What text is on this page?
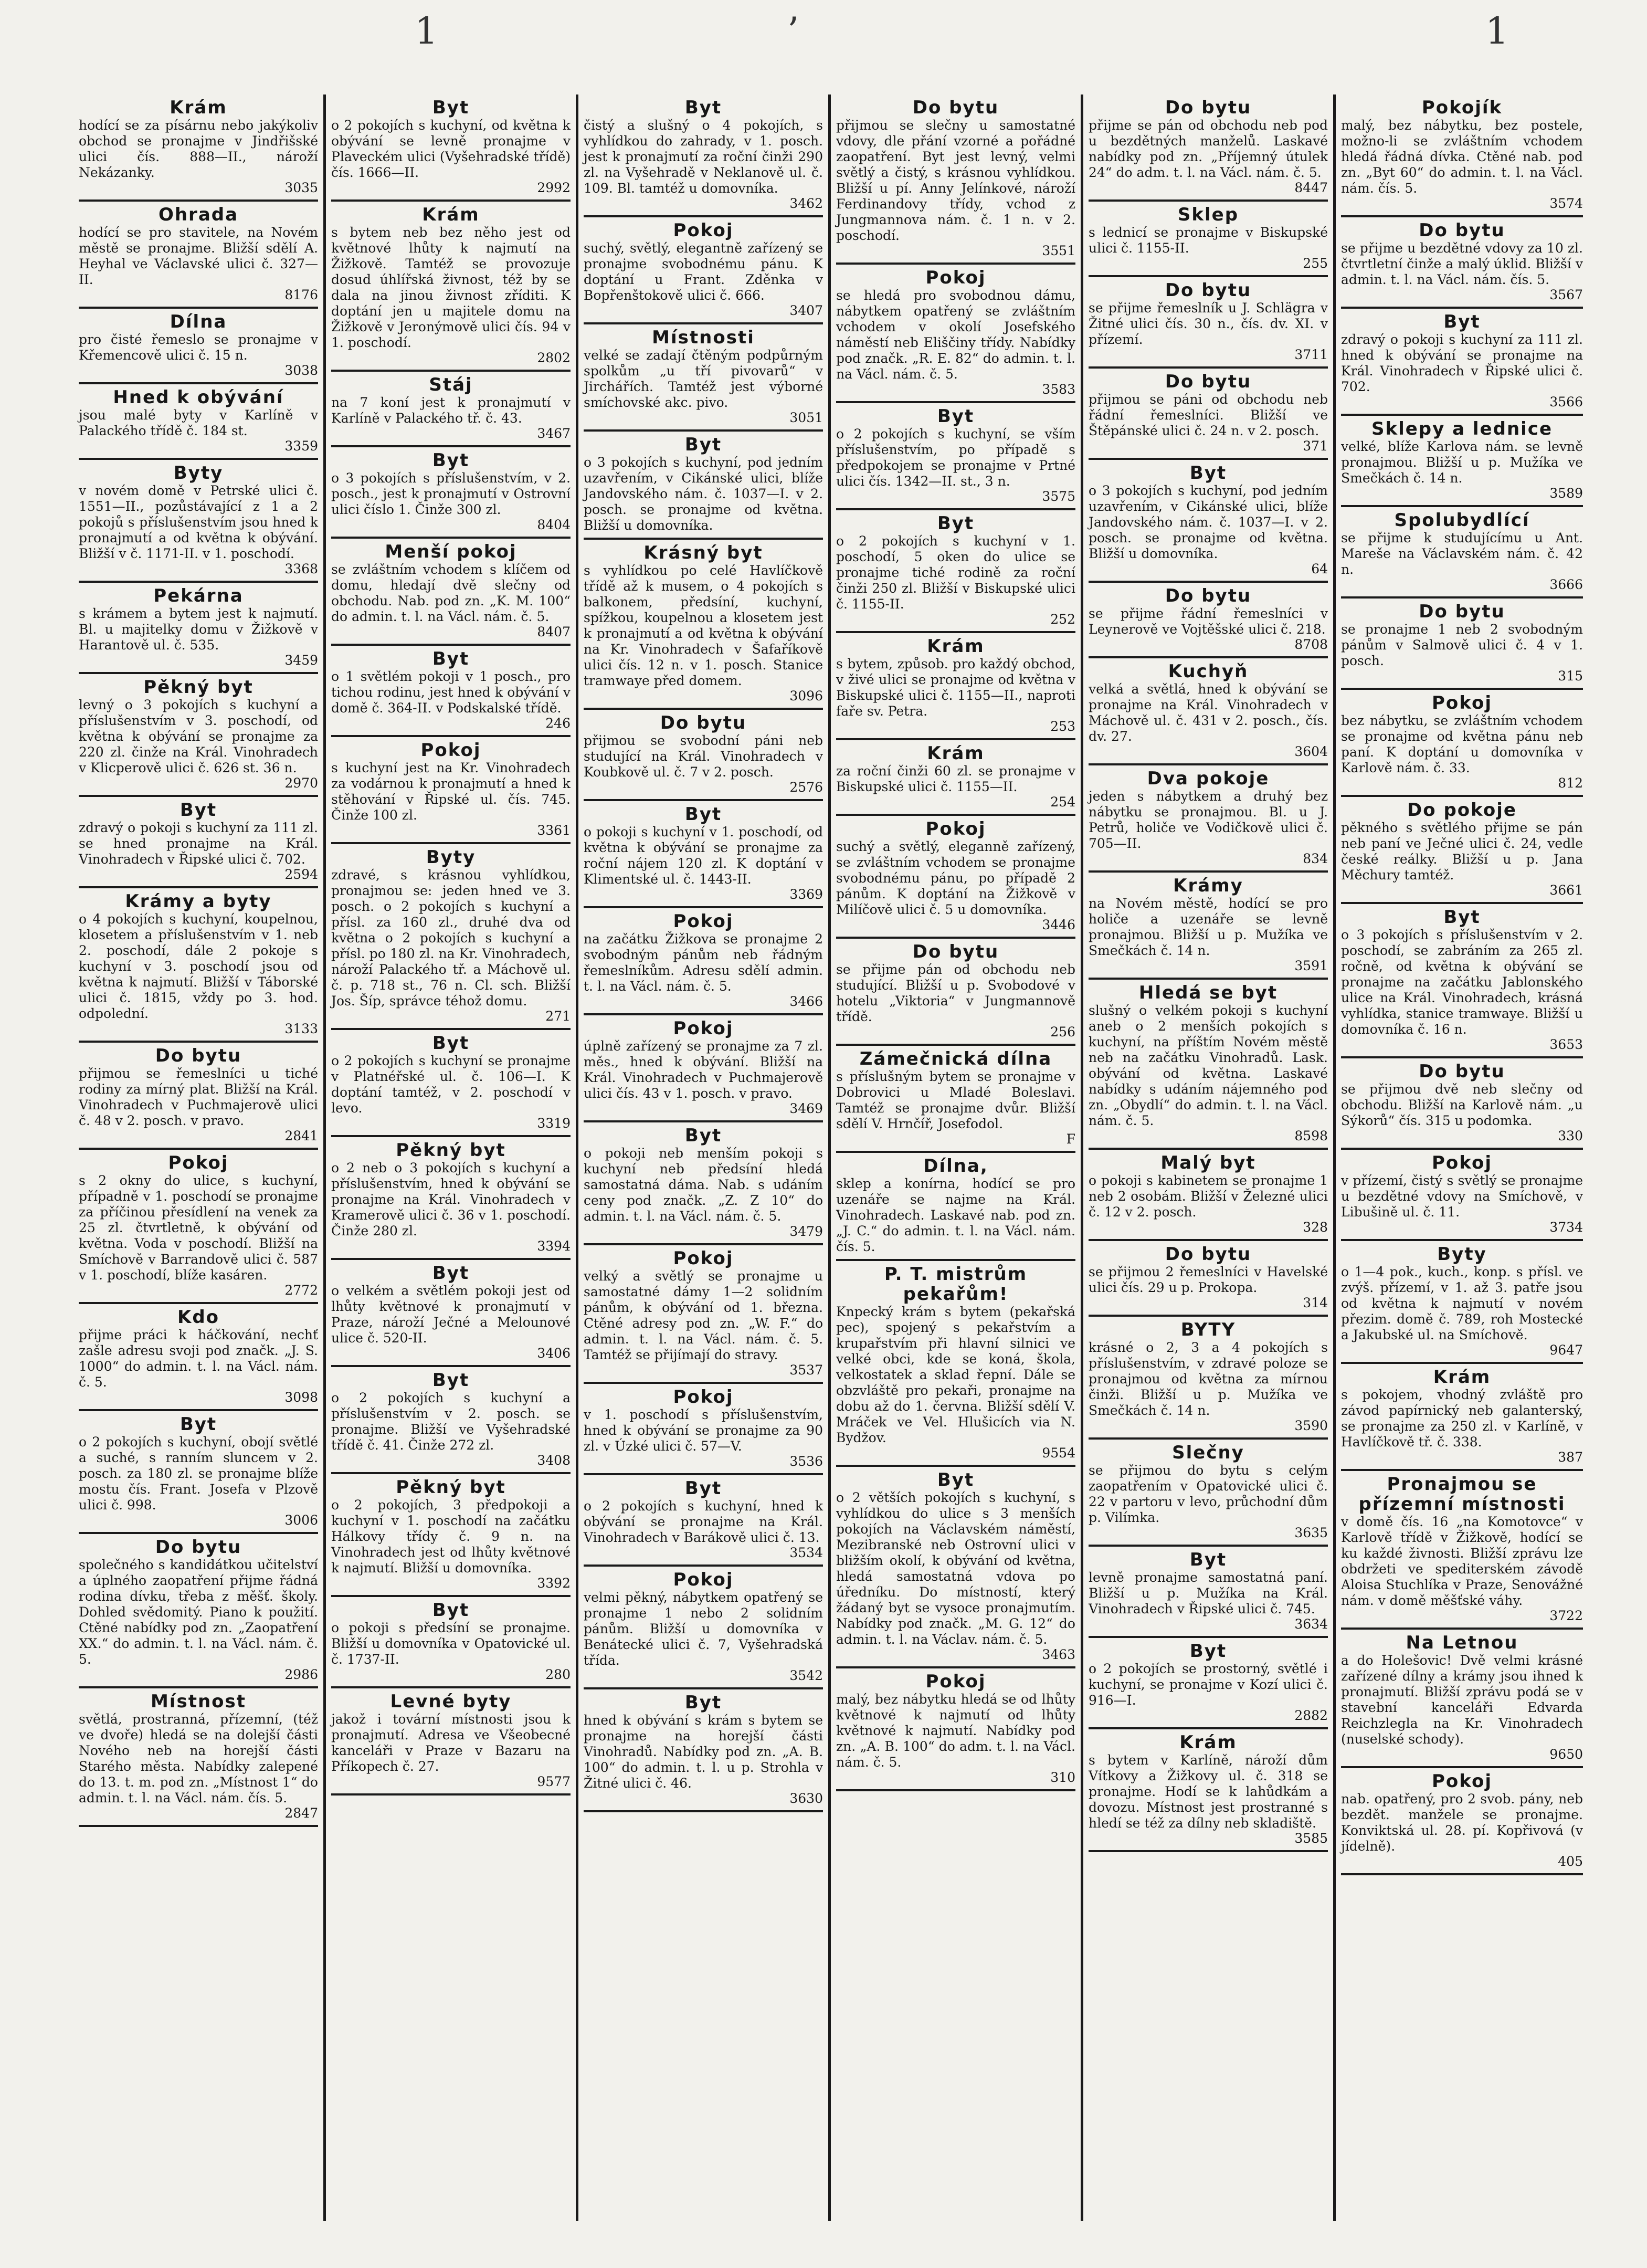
1	’	1
Krám
hodící se za písárnu nebo jakýkoliv obchod se pronajme v Jindřišské ulici čís. 888—II., nároží Nekázanky.
3035
Ohrada
hodící se pro stavitele, na Novém městě se pronajme. Bližší sdělí A. Heyhal ve Václavské ulici č. 327—II.
8176
Dílna
pro čisté řemeslo se pronajme v Křemencově ulici č. 15 n.
3038
Hned k obývání
jsou malé byty v Karlíně v Palackého třídě č. 184 st.
3359
Byty
v novém domě v Petrské ulici č. 1551—II., pozůstávající z 1 a 2 pokojů s příslušenstvím jsou hned k pronajmutí a od května k obývání. Bližší v č. 1171-II. v 1. poschodí.
3368
Pekárna
s krámem a bytem jest k najmutí. Bl. u majitelky domu v Žižkově v Harantově ul. č. 535.
3459
Pěkný byt
levný o 3 pokojích s kuchyní a příslušenstvím v 3. poschodí, od května k obývání se pronajme za 220 zl. činže na Král. Vinohradech v Klicperově ulici č. 626 st. 36 n.
2970
Byt
zdravý o pokoji s kuchyní za 111 zl. se hned pronajme na Král. Vinohradech v Řipské ulici č. 702.
2594
Krámy a byty
o 4 pokojích s kuchyní, koupelnou, klosetem a příslušenstvím v 1. neb 2. poschodí, dále 2 pokoje s kuchyní v 3. poschodí jsou od května k najmutí. Bližší v Táborské ulici č. 1815, vždy po 3. hod. odpolední.
3133
Do bytu
přijmou se řemeslníci u tiché rodiny za mírný plat. Bližší na Král. Vinohradech v Puchmajerově ulici č. 48 v 2. posch. v pravo.
2841
Pokoj
s 2 okny do ulice, s kuchyní, případně v 1. poschodí se pronajme za příčinou přesídlení na venek za 25 zl. čtvrtletně, k obývání od května. Voda v poschodí. Bližší na Smíchově v Barrandově ulici č. 587 v 1. poschodí, blíže kasáren.
2772
Kdo
přijme práci k háčkování, nechť zašle adresu svoji pod značk. „J. S. 1000“ do admin. t. l. na Václ. nám. č. 5.
3098
Byt
o 2 pokojích s kuchyní, obojí světlé a suché, s ranním sluncem v 2. posch. za 180 zl. se pronajme blíže mostu čís. Frant. Josefa v Plzově ulici č. 998.
3006
Do bytu
společného s kandidátkou učitelství a úplného zaopatření přijme řádná rodina dívku, třeba z měšť. školy. Dohled svědomitý. Piano k použití. Ctěné nabídky pod zn. „Zaopatření XX.“ do admin. t. l. na Václ. nám. č. 5.
2986
Místnost
světlá, prostranná, přízemní, (též ve dvoře) hledá se na dolejší části Nového neb na horejší části Starého města. Nabídky zalepené do 13. t. m. pod zn. „Místnost 1“ do admin. t. l. na Václ. nám. čís. 5.
2847
Byt
o 2 pokojích s kuchyní, od května k obývání se levně pronajme v Plaveckém ulici (Vyšehradské třídě) čís. 1666—II.
2992
Krám
s bytem neb bez něho jest od květnové lhůty k najmutí na Žižkově. Tamtéž se provozuje dosud úhlířská živnost, též by se dala na jinou živnost zříditi. K doptání jen u majitele domu na Žižkově v Jeronýmově ulici čís. 94 v 1. poschodí.
2802
Stáj
na 7 koní jest k pronajmutí v Karlíně v Palackého tř. č. 43.
3467
Byt
o 3 pokojích s příslušenstvím, v 2. posch., jest k pronajmutí v Ostrovní ulici číslo 1. Činže 300 zl.
8404
Menší pokoj
se zvláštním vchodem s klíčem od domu, hledají dvě slečny od obchodu. Nab. pod zn. „K. M. 100“ do admin. t. l. na Václ. nám. č. 5.
8407
Byt
o 1 světlém pokoji v 1 posch., pro tichou rodinu, jest hned k obývání v domě č. 364-II. v Podskalské třídě.
246
Pokoj
s kuchyní jest na Kr. Vinohradech za vodárnou k pronajmutí a hned k stěhování v Řipské ul. čís. 745. Činže 100 zl.
3361
Byty
zdravé, s krásnou vyhlídkou, pronajmou se: jeden hned ve 3. posch. o 2 pokojích s kuchyní a přísl. za 160 zl., druhé dva od května o 2 pokojích s kuchyní a přísl. po 180 zl. na Kr. Vinohradech, nároží Palackého tř. a Máchově ul. č. p. 718 st., 76 n. Cl. sch. Bližší Jos. Šíp, správce téhož domu.
271
Byt
o 2 pokojích s kuchyní se pronajme v Platnéřské ul. č. 106—I. K doptání tamtéž, v 2. poschodí v levo.
3319
Pěkný byt
o 2 neb o 3 pokojích s kuchyní a příslušenstvím, hned k obývání se pronajme na Král. Vinohradech v Kramerově ulici č. 36 v 1. poschodí. Činže 280 zl.
3394
Byt
o velkém a světlém pokoji jest od lhůty květnové k pronajmutí v Praze, nároží Ječné a Melounové ulice č. 520-II.
3406
Byt
o 2 pokojích s kuchyní a příslušenstvím v 2. posch. se pronajme. Bližší ve Vyšehradské třídě č. 41. Činže 272 zl.
3408
Pěkný byt
o 2 pokojích, 3 předpokoji a kuchyní v 1. poschodí na začátku Hálkovy třídy č. 9 n. na Vinohradech jest od lhůty květnové k najmutí. Bližší u domovníka.
3392
Byt
o pokoji s předsíní se pronajme. Bližší u domovníka v Opatovické ul. č. 1737-II.
280
Levné byty
jakož i tovární místnosti jsou k pronajmutí. Adresa ve Všeobecné kanceláři v Praze v Bazaru na Příkopech č. 27.
9577
Byt
čistý a slušný o 4 pokojích, s vyhlídkou do zahrady, v 1. posch. jest k pronajmutí za roční činži 290 zl. na Vyšehradě v Neklanově ul. č. 109. Bl. tamtéž u domovníka.
3462
Pokoj
suchý, světlý, elegantně zařízený se pronajme svobodnému pánu. K doptání u Frant. Zděnka v Bopřenštokově ulici č. 666.
3407
Místnosti
velké se zadají čtěným podpůrným spolkům „u tří pivovarů“ v Jirchářích. Tamtéž jest výborné smíchovské akc. pivo.
3051
Byt
o 3 pokojích s kuchyní, pod jedním uzavřením, v Cikánské ulici, blíže Jandovského nám. č. 1037—I. v 2. posch. se pronajme od května. Bližší u domovníka.
Krásný byt
s vyhlídkou po celé Havlíčkově třídě až k musem, o 4 pokojích s balkonem, předsíní, kuchyní, spížkou, koupelnou a klosetem jest k pronajmutí a od května k obývání na Kr. Vinohradech v Šafaříkově ulici čís. 12 n. v 1. posch. Stanice tramwaye před domem.
3096
Do bytu
přijmou se svobodní páni neb studující na Král. Vinohradech v Koubkově ul. č. 7 v 2. posch.
2576
Byt
o pokoji s kuchyní v 1. poschodí, od května k obývání se pronajme za roční nájem 120 zl. K doptání v Klimentské ul. č. 1443-II.
3369
Pokoj
na začátku Žižkova se pronajme 2 svobodným pánům neb řádným řemeslníkům. Adresu sdělí admin. t. l. na Václ. nám. č. 5.
3466
Pokoj
úplně zařízený se pronajme za 7 zl. měs., hned k obývání. Bližší na Král. Vinohradech v Puchmajerově ulici čís. 43 v 1. posch. v pravo.
3469
Byt
o pokoji neb menším pokoji s kuchyní neb předsíní hledá samostatná dáma. Nab. s udáním ceny pod značk. „Z. Z 10“ do admin. t. l. na Václ. nám. č. 5.
3479
Pokoj
velký a světlý se pronajme u samostatné dámy 1—2 solidním pánům, k obývání od 1. března. Ctěné adresy pod zn. „W. F.“ do admin. t. l. na Václ. nám. č. 5. Tamtéž se přijímají do stravy.
3537
Pokoj
v 1. poschodí s příslušenstvím, hned k obývání se pronajme za 90 zl. v Úzké ulici č. 57—V.
3536
Byt
o 2 pokojích s kuchyní, hned k obývání se pronajme na Král. Vinohradech v Barákově ulici č. 13.
3534
Pokoj
velmi pěkný, nábytkem opatřený se pronajme 1 nebo 2 solidním pánům. Bližší u domovníka v Benátecké ulici č. 7, Vyšehradská třída.
3542
Byt
hned k obývání s krám s bytem se pronajme na horejší části Vinohradů. Nabídky pod zn. „A. B. 100“ do admin. t. l. u p. Strohla v Žitné ulici č. 46.
3630
Do bytu
přijmou se slečny u samostatné vdovy, dle přání vzorné a pořádné zaopatření. Byt jest levný, velmi světlý a čistý, s krásnou vyhlídkou. Bližší u pí. Anny Jelínkové, nároží Ferdinandovy třídy, vchod z Jungmannova nám. č. 1 n. v 2. poschodí.
3551
Pokoj
se hledá pro svobodnou dámu, nábytkem opatřený se zvláštním vchodem v okolí Josefského náměstí neb Eliščiny třídy. Nabídky pod značk. „R. E. 82“ do admin. t. l. na Václ. nám. č. 5.
3583
Byt
o 2 pokojích s kuchyní, se vším příslušenstvím, po případě s předpokojem se pronajme v Prtné ulici čís. 1342—II. st., 3 n.
3575
Byt
o 2 pokojích s kuchyní v 1. poschodí, 5 oken do ulice se pronajme tiché rodině za roční činži 250 zl. Bližší v Biskupské ulici č. 1155-II.
252
Krám
s bytem, způsob. pro každý obchod, v živé ulici se pronajme od května v Biskupské ulici č. 1155—II., naproti faře sv. Petra.
253
Krám
za roční činži 60 zl. se pronajme v Biskupské ulici č. 1155—II.
254
Pokoj
suchý a světlý, eleganně zařízený, se zvláštním vchodem se pronajme svobodnému pánu, po případě 2 pánům. K doptání na Žižkově v Milíčově ulici č. 5 u domovníka.
3446
Do bytu
se přijme pán od obchodu neb studující. Bližší u p. Svobodové v hotelu „Viktoria“ v Jungmannově třídě.
256
Zámečnická dílna
s příslušným bytem se pronajme v Dobrovici u Mladé Boleslavi. Tamtéž se pronajme dvůr. Bližší sdělí V. Hrnčíř, Josefodol.
F
Dílna,
sklep a konírna, hodící se pro uzenáře se najme na Král. Vinohradech. Laskavé nab. pod zn. „J. C.“ do admin. t. l. na Václ. nám. čís. 5.
P. T. mistrům pekařům!
Knpecký krám s bytem (pekařská pec), spojený s pekařstvím a krupařstvím při hlavní silnici ve velké obci, kde se koná, škola, velkostatek a sklad řepní. Dále se obzvláště pro pekaři, pronajme na dobu až do 1. června. Bližší sdělí V. Mráček ve Vel. Hlušicích via N. Bydžov.
9554
Byt
o 2 větších pokojích s kuchyní, s vyhlídkou do ulice s 3 menších pokojích na Václavském náměstí, Mezibranské neb Ostrovní ulici v bližším okolí, k obývání od května, hledá samostatná vdova po úředníku. Do místností, který žádaný byt se vysoce pronajmutím. Nabídky pod značk. „M. G. 12“ do admin. t. l. na Václav. nám. č. 5.
3463
Pokoj
malý, bez nábytku hledá se od lhůty květnové k najmutí od lhůty květnové k najmutí. Nabídky pod zn. „A. B. 100“ do adm. t. l. na Václ. nám. č. 5.
310
Do bytu
přijme se pán od obchodu neb pod u bezdětných manželů. Laskavé nabídky pod zn. „Příjemný útulek 24“ do adm. t. l. na Václ. nám. č. 5.
8447
Sklep
s lednicí se pronajme v Biskupské ulici č. 1155-II.
255
Do bytu
se přijme řemeslník u J. Schlägra v Žitné ulici čís. 30 n., čís. dv. XI. v přízemí.
3711
Do bytu
přijmou se páni od obchodu neb řádní řemeslníci. Bližší ve Štěpánské ulici č. 24 n. v 2. posch.
371
Byt
o 3 pokojích s kuchyní, pod jedním uzavřením, v Cikánské ulici, blíže Jandovského nám. č. 1037—I. v 2. posch. se pronajme od května. Bližší u domovníka.
64
Do bytu
se přijme řádní řemeslníci v Leynerově ve Vojtěšské ulici č. 218.
8708
Kuchyň
velká a světlá, hned k obývání se pronajme na Král. Vinohradech v Máchově ul. č. 431 v 2. posch., čís. dv. 27.
3604
Dva pokoje
jeden s nábytkem a druhý bez nábytku se pronajmou. Bl. u J. Petrů, holiče ve Vodičkově ulici č. 705—II.
834
Krámy
na Novém městě, hodící se pro holiče a uzenáře se levně pronajmou. Bližší u p. Mužíka ve Smečkách č. 14 n.
3591
Hledá se byt
slušný o velkém pokoji s kuchyní aneb o 2 menších pokojích s kuchyní, na příštím Novém městě neb na začátku Vinohradů. Lask. obývání od května. Laskavé nabídky s udáním nájemného pod zn. „Obydlí“ do admin. t. l. na Václ. nám. č. 5.
8598
Malý byt
o pokoji s kabinetem se pronajme 1 neb 2 osobám. Bližší v Železné ulici č. 12 v 2. posch.
328
Do bytu
se přijmou 2 řemeslníci v Havelské ulici čís. 29 u p. Prokopa.
314
BYTY
krásné o 2, 3 a 4 pokojích s příslušenstvím, v zdravé poloze se pronajmou od května za mírnou činži. Bližší u p. Mužíka ve Smečkách č. 14 n.
3590
Slečny
se přijmou do bytu s celým zaopatřením v Opatovické ulici č. 22 v partoru v levo, průchodní dům p. Vilímka.
3635
Byt
levně pronajme samostatná paní. Bližší u p. Mužíka na Král. Vinohradech v Řipské ulici č. 745.
3634
Byt
o 2 pokojích se prostorný, světlé i kuchyní, se pronajme v Kozí ulici č. 916—I.
2882
Krám
s bytem v Karlíně, nároží dům Vítkovy a Žižkovy ul. č. 318 se pronajme. Hodí se k lahůdkám a dovozu. Místnost jest prostranné s hledí se též za dílny neb skladiště.
3585
Pokojík
malý, bez nábytku, bez postele, možno-li se zvláštním vchodem hledá řádná dívka. Ctěné nab. pod zn. „Byt 60“ do admin. t. l. na Václ. nám. čís. 5.
3574
Do bytu
se přijme u bezdětné vdovy za 10 zl. čtvrtletní činže a malý úklid. Bližší v admin. t. l. na Václ. nám. čís. 5.
3567
Byt
zdravý o pokoji s kuchyní za 111 zl. hned k obývání se pronajme na Král. Vinohradech v Řipské ulici č. 702.
3566
Sklepy a lednice
velké, blíže Karlova nám. se levně pronajmou. Bližší u p. Mužíka ve Smečkách č. 14 n.
3589
Spolubydlící
se přijme k studujícímu u Ant. Mareše na Václavském nám. č. 42 n.
3666
Do bytu
se pronajme 1 neb 2 svobodným pánům v Salmově ulici č. 4 v 1. posch.
315
Pokoj
bez nábytku, se zvláštním vchodem se pronajme od května pánu neb paní. K doptání u domovníka v Karlově nám. č. 33.
812
Do pokoje
pěkného s světlého přijme se pán neb paní ve Ječné ulici č. 24, vedle české reálky. Bližší u p. Jana Měchury tamtéž.
3661
Byt
o 3 pokojích s příslušenstvím v 2. poschodí, se zabráním za 265 zl. ročně, od května k obývání se pronajme na začátku Jablonského ulice na Král. Vinohradech, krásná vyhlídka, stanice tramwaye. Bližší u domovníka č. 16 n.
3653
Do bytu
se přijmou dvě neb slečny od obchodu. Bližší na Karlově nám. „u Sýkorů“ čís. 315 u podomka.
330
Pokoj
v přízemí, čistý s světlý se pronajme u bezdětné vdovy na Smíchově, v Libušině ul. č. 11.
3734
Byty
o 1—4 pok., kuch., konp. s přísl. ve zvýš. přízemí, v 1. až 3. patře jsou od května k najmutí v novém přezim. domě č. 789, roh Mostecké a Jakubské ul. na Smíchově.
9647
Krám
s pokojem, vhodný zvláště pro závod papírnický neb galanterský, se pronajme za 250 zl. v Karlíně, v Havlíčkově tř. č. 338.
387
Pronajmou se přízemní místnosti
v domě čís. 16 „na Komotovce“ v Karlově třídě v Žižkově, hodící se ku každé živnosti. Bližší zprávu lze obdržeti ve spediterském závodě Aloisa Stuchlíka v Praze, Senovážné nám. v domě měšťské váhy.
3722
Na Letnou
a do Holešovic! Dvě velmi krásné zařízené dílny a krámy jsou ihned k pronajmutí. Bližší zprávu podá se v stavební kanceláři Edvarda Reichzlegla na Kr. Vinohradech (nuselské schody).
9650
Pokoj
nab. opatřený, pro 2 svob. pány, neb bezdět. manžele se pronajme. Konviktská ul. 28. pí. Kopřivová (v jídelně).
405
